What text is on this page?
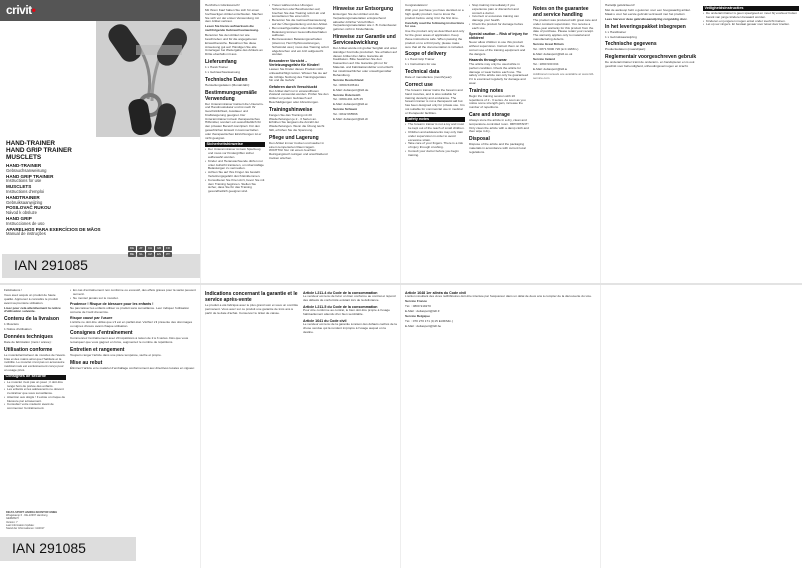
crivit•
HAND-TRAINER
HAND GRIP TRAINER
MUSCLETS
HAND-TRAINER
Gebrauchsanweisung
HAND GRIP TRAINER
Instructions for use
MUSCLETS
Instructions d'emploi
HANDTRAINER
Gebruiksaanwijzing
POSILOVAČ RUKOU
Návod k obsluze
HAND GRIP
Instrucciones de uso
APARELHOS PARA EXERCÍCIOS DE MÃOS
Manual de instruções
IAN 291085
DE	AT	CH	GB	FR
BE	NL	CZ	ES	PT

Herzlichen Glückwunsch!

Mit Ihrem Kauf haben Sie sich für einen hochwertigen Artikel entschieden. Machen Sie sich vor der ersten Verwendung mit dem Artikel vertraut.

Lesen Sie hierzu aufmerksam die nachfolgende Gebrauchsanweisung.

Benutzen Sie den Artikel nur wie beschrieben und für die angegebenen Einsatzbereiche. Bewahren Sie diese Anweisung gut auf. Händigen Sie alle Unterlagen bei Weitergabe des Artikels an Dritte ebenfalls mit aus.

Lieferumfang

1 x Hand-Trainer

1 x Gebrauchsanweisung

Technische Daten

Herstellungsdatum (Monat/Jahr):

Bestimmungsgemäße Verwendung

Der Unterarmtrainer trainiert die Unterarm- und Handmuskulatur und ist nach Ihr Geschicklichkeit, Ausdauer und Kraftsteigerung geeignet. Der Unterarmtrainer ist kein therapeutisches Hilfsmittel, sondern ein ausschließlich für den privaten Bereich konzipiert. Für den gewerblichen Einsatz in kommerziellen oder therapeutischen Einrichtungen ist er nicht geeignet.

Sicherheitshinweise
• Der Unterarmtrainer ist kein Spielzeug und muss vor Kindergriffen sicher aufbewahrt werden.
• Kinder und Heranwachsende dürfen nur unter Aufsicht trainieren, um übermäßige Belastungen zu vermeiden.
• Achten Sie auf Ihre Finger. Es besteht Verletzungsgefahr durch Einklemmen.
• Konsultieren Sie Ihren Arzt, bevor Sie mit dem Training beginnen. Stellen Sie sicher, dass Sie für das Training gesundheitlich geeignet sind.
• Treten während des Übungen Schmerzen oder Beschwerden auf, brechen Sie das Training sofort ab und konsultieren Sie einen Arzt.
• Benutzen Sie die Gebrauchsanweisung auf der Übungsanleitung und den Artikel.
• Bei unsachgemäßer oder übermäßiger Belastung können Gesundheitsschäden auftreten.
• Bei bewusstem Belastungsverhalten (Atemnot, Herzrhythmusstörungen, Schwindel usw.) muss das Training sofort abgebrochen und ein Arzt aufgesucht werden.
Besonderer Vorsicht – Verletzungsgefahr für Kinder!

Lassen Sie Kinder dieses Produkt nicht unbeaufsichtigt nutzen. Wissen Sie sie auf die richtige Nutzung des Trainingsgerätes hin und die Gefahr.

Gefahren durch Verschluckt

Der Artikel darf nur in einwandfreiem Zustand verwendet werden. Prüfen Sie den Artikel vor jedem Gebrauch auf Beschädigungen oder Abnutzungen.

Trainingshinweise

Fangen Sie das Training mit 20 Wiederholungen je 2 - 3 Serien an. Erhöhen Sie langsam die Anzahl der Wiederholungen. Wenn die Übung leicht fällt, erhöhen Sie die Spannung.

Pflege und Lagerung

Den Artikel immer trocken und sauber in einem temperierten Raum lagern. WICHTIG! Nur mit einem feuchten Reinigungstuch reinigen und anschließend trocken wischen.

Hinweise zur Entsorgung

Entsorgen Sie den Artikel und die Verpackungsmaterialien entsprechend aktueller örtlicher Vorschriften. Verpackungsmaterialien wie z. B. Folienbeutel gehören nicht in Kinderhände.

Hinweise zur Garantie und Serviceabwicklung

Der Artikel wurde mit großer Sorgfalt und unter ständiger Kontrolle produziert. Sie erhalten auf diesen Artikel drei Jahre Garantie ab Kaufdatum. Bitte bewahren Sie den Kassenbon auf. Die Garantie gilt nur für Material- und Fabrikationsfehler und erlischt bei missbräuchlicher oder unsachgemäßer Behandlung.

Service Deutschland

Tel.: 0800-5435111

E-Mail: deltasport@lidl.de

Service Österreich

Tel.: 0800-291 225 25

E-Mail: deltasport@lidl.at

Service Schweiz

Tel.: 0842 665566

E-Mail: deltasport@lidl.ch

Congratulations!

With your purchase you have decided on a high quality product. Get to know the product before using it for the first time.

Carefully read the following instructions for use.

Use the product only as described and only for the given areas of application. Keep these instructions safe. When passing the product on to a third party, please make sure that all the documentation is included.

Scope of delivery

1 x Hand Grip Trainer

1 x Instructions for use

Technical data

Date of manufacture (month/year):

Correct use

The forearm trainer trains the forearm and hand muscles, and is also suitable for training dexterity and endurance. The forearm trainer is not a therapeutic aid but has been designed only for private use. It is not suitable for commercial use in medical or therapeutic facilities.

Safety notes
• The forearm trainer is not a toy and must be kept out of the reach of small children.
• Children and adolescents may only train under supervision in order to avoid excessive strain.
• Take care of your fingers. There is a risk of injury through crushing.
• Consult your doctor before you begin training.
• Stop training immediately if you experience pain or discomfort and consult a doctor.
• Incorrect or excessive training can damage your health.
• Check the product for damage before each use.
Special caution – Risk of injury for children!

Never allow children to use this product without supervision. Instruct them on the correct use of the training equipment and the dangers.

Hazards through wear

The article may only be used while in perfect condition. Check the article for damage or wear before each use. The safety of the article can only be guaranteed if it is examined regularly for damage and wear.

Training notes

Begin the training session with 20 repetitions of 2 - 3 series. As soon as you notice some strength gain, increase the number of repetitions.

Care and storage

Always store the article in a dry, clean and temperature-controlled room. IMPORTANT! Only clean the article with a damp cloth and then wipe it dry.

Disposal

Dispose of the article and the packaging materials in accordance with current local regulations.

Notes on the guarantee and service handling

The product was produced with great care and under constant supervision. You receive a three-year warranty for this product from the date of purchase. Please retain your receipt. The warranty applies only to material and manufacturing defects.

Service Great Britain

Tel.: 0871 5000 720 (£ 0.10/Min.)

E-Mail: deltasport@lidl.co.uk

Service Ireland

Tel.: 1890 930 034

E-Mail: deltasport@lidl.ie

Additional manuals are available at www.lidl-service.com

Hartelijk gefeliciteerd!

Met de aankoop hebt u gekozen voor een hoogwaardig artikel. Maak u voor het eerste gebruik vertrouwd met het product.

Lees hiervoor deze gebruiksaanwijzing zorgvuldig door.

In het leveringspakket inbegrepen

1 x Handtrainer

1 x Gebruiksaanwijzing

Technische gegevens

Productiedatum (maand/jaar):

Reglementair voorgeschreven gebruik

De onderarmtrainer traint de onderarm- en handspieren en is ook geschikt voor behendigheid, uithoudingsvermogen en kracht.

Veiligheidsinstructies
• De onderarmtrainer is geen speelgoed en moet bij voorkeur buiten bereik van jonge kinderen bewaard worden.
• Kinderen en jongeren mogen enkel onder toezicht trainen.
• Let op uw vingers. Er bestaat gevaar voor letsel door knellen.

Félicitations !

Vous avez acquis un produit de haute qualité. Apprenez à connaître le produit avant sa première utilisation.

Lisez pour cela attentivement la notice d'utilisation suivante.

Contenu de la livraison

1 Musclets

1 Notice d'utilisation

Données techniques

Date de fabrication (mois / année) :

Utilisation conforme

Le musclet/entraîneur de muscles de l'avant-bras et des mains ainsi que l'habileté et la mobilité. Le musclet n'est pas un accessoire médical mais est exclusivement conçu pour un usage privé.

Consignes de sécurité
• Le musclet n'est pas un jouet ; il doit être rangé hors de portée des enfants.
• Les enfants et les adolescents ne doivent s'entraîner que sous surveillance.
• Attention aux doigts ! Il existe un risque de blessure par écrasement.
• Consultez votre médecin avant de commencer l'entraînement.
DELTA-SPORT HANDELSKONTOR GMBH
Wragekamp 6 · DE-22397 Hamburg
GERMANY
Version: 7
Last Information Update:
Stand der Informationen: 11/2017
IAN 291085
• En cas d'entraînement non conforme ou excessif, des effets graves pour la santé peuvent survenir.
• Ne montez jamais sur le musclet.
Prudence ! Risque de blessure pour les enfants !

Ne pas laisser les enfants utiliser ce produit sans surveillance. Leur indiquer l'utilisation correcte de l'outil d'exercice.

Risque causé par l'usure

L'article ne doit être utilisé que s'il est en parfait état. Vérifiez s'il présente des dommages ou signes d'usure avant chaque utilisation.

Consignes d'entraînement

Commencez l'entraînement avec 20 répétitions à raison de 2 à 3 séries. Dès que vous remarquez que vous gagnez en force, augmentez le nombre de répétitions.

Entretien et rangement

Toujours ranger l'article dans une pièce tempérée, sèche et propre.

Mise au rebut

Éliminez l'article et le matériel d'emballage conformément aux directives locales en vigueur.

Indications concernant la garantie et le service après-vente

Le produit a été fabriqué avec le plus grand soin et sous un contrôle permanent. Vous avez sur ce produit une garantie de trois ans à partir de la date d'achat. Conservez le ticket de caisse.

Article L211-4 du Code de la consommation

Le vendeur est tenu de livrer un bien conforme au contrat et répond des défauts de conformité existant lors de la délivrance.

Article L211-5 du Code de la consommation

Pour être conforme au contrat, le bien doit être propre à l'usage habituellement attendu d'un bien semblable.

Article 1641 du Code civil

Le vendeur est tenu de la garantie à raison des défauts cachés de la chose vendue qui la rendent impropre à l'usage auquel on la destine.

Article 1648 1er alinéa du Code civil

L'action résultant des vices rédhibitoires doit être intentée par l'acquéreur dans un délai de deux ans à compter de la découverte du vice.

Service France

Tél. : 0800 919270

E-Mail : deltasport@lidl.fr

Service Belgique

Tél. : 070 270 171 (0,15 EUR/Min.)

E-Mail : deltasport@lidl.be
